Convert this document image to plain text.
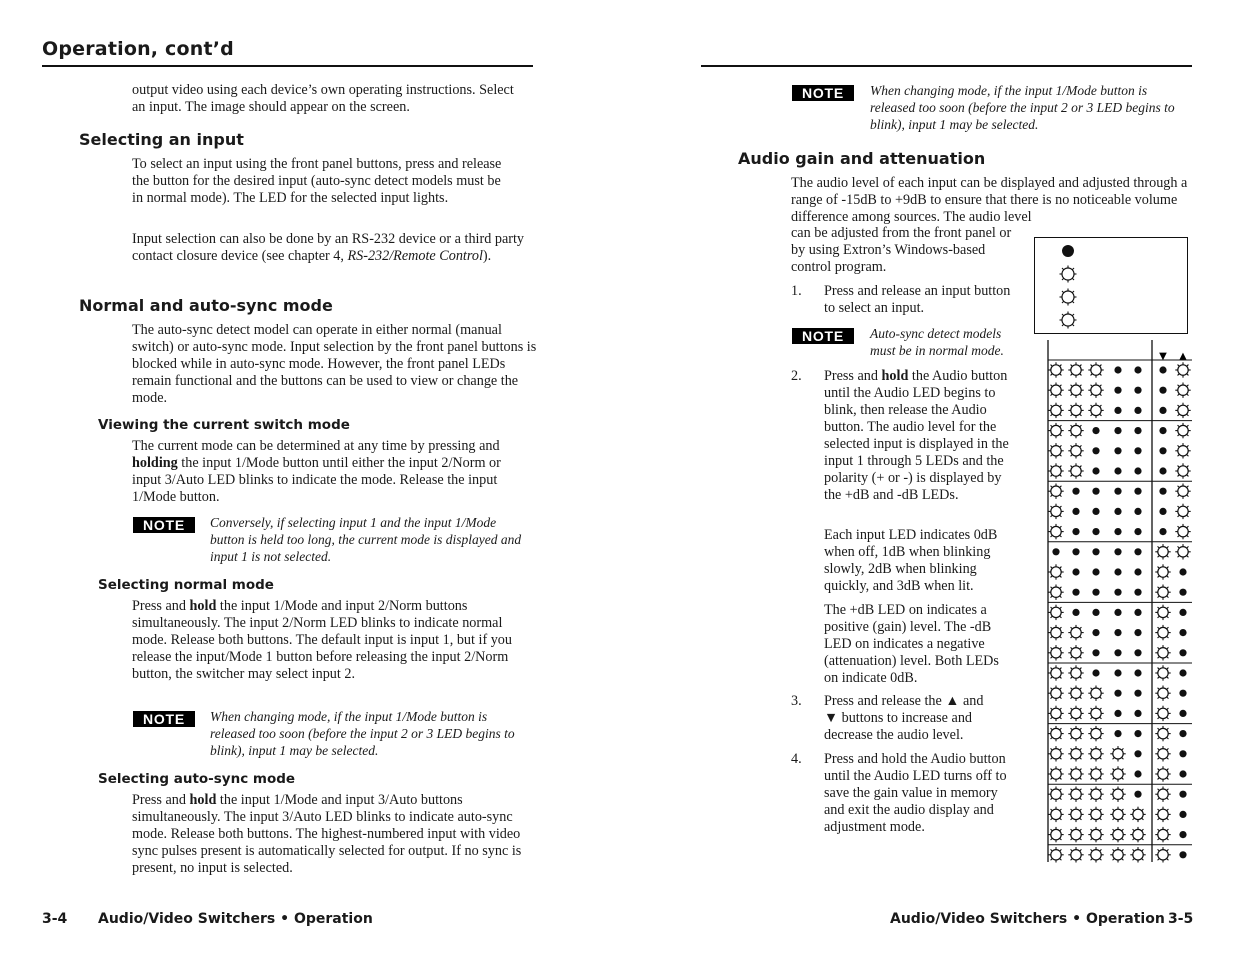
Operation, cont’d

output video using each device’s own operating instructions. Select an input. The image should appear on the screen.

Selecting an input

To select an input using the front panel buttons, press and release the button for the desired input (auto-sync detect models must be in normal mode). The LED for the selected input lights.

Input selection can also be done by an RS-232 device or a third party contact closure device (see chapter 4, RS-232/Remote Control).

Normal and auto-sync mode

The auto-sync detect model can operate in either normal (manual switch) or auto-sync mode. Input selection by the front panel buttons is blocked while in auto-sync mode. However, the front panel LEDs remain functional and the buttons can be used to view or change the mode.

Viewing the current switch mode

The current mode can be determined at any time by pressing and holding the input 1/Mode button until either the input 2/Norm or input 3/Auto LED blinks to indicate the mode. Release the input 1/Mode button.

NOTE	Conversely, if selecting input 1 and the input 1/Mode button is held too long, the current mode is displayed and input 1 is not selected.

Selecting normal mode

Press and hold the input 1/Mode and input 2/Norm buttons simultaneously. The input 2/Norm LED blinks to indicate normal mode. Release both buttons. The default input is input 1, but if you release the input/Mode 1 button before releasing the input 2/Norm button, the switcher may select input 2.

NOTE	When changing mode, if the input 1/Mode button is released too soon (before the input 2 or 3 LED begins to blink), input 1 may be selected.

Selecting auto-sync mode

Press and hold the input 1/Mode and input 3/Auto buttons simultaneously. The input 3/Auto LED blinks to indicate auto-sync mode. Release both buttons. The highest-numbered input with video sync pulses present is automatically selected for output. If no sync is present, no input is selected.

3-4 Audio/Video Switchers • Operation
NOTE	When changing mode, if the input 1/Mode button is released too soon (before the input 2 or 3 LED begins to blink), input 1 may be selected.

Audio gain and attenuation

The audio level of each input can be displayed and adjusted through a range of -15dB to +9dB to ensure that there is no noticeable volume difference among sources. The audio level

can be adjusted from the front panel or by using Extron’s Windows-based control program.

1. Press and release an input button to select an input.

NOTE	Auto-sync detect models must be in normal mode.

2. Press and hold the Audio button until the Audio LED begins to blink, then release the Audio button. The audio level for the selected input is displayed in the input 1 through 5 LEDs and the polarity (+ or -) is displayed by the +dB and -dB LEDs.

Each input LED indicates 0dB when off, 1dB when blinking slowly, 2dB when blinking quickly, and 3dB when lit.

The +dB LED on indicates a positive (gain) level. The -dB LED on indicates a negative (attenuation) level. Both LEDs on indicate 0dB.

3. Press and release the ▲ and
▼ buttons to increase and decrease the audio level.

4. Press and hold the Audio button until the Audio LED turns off to save the gain value in memory and exit the audio display and adjustment mode.

▼ ▲
Audio/Video Switchers • Operation 3-5
